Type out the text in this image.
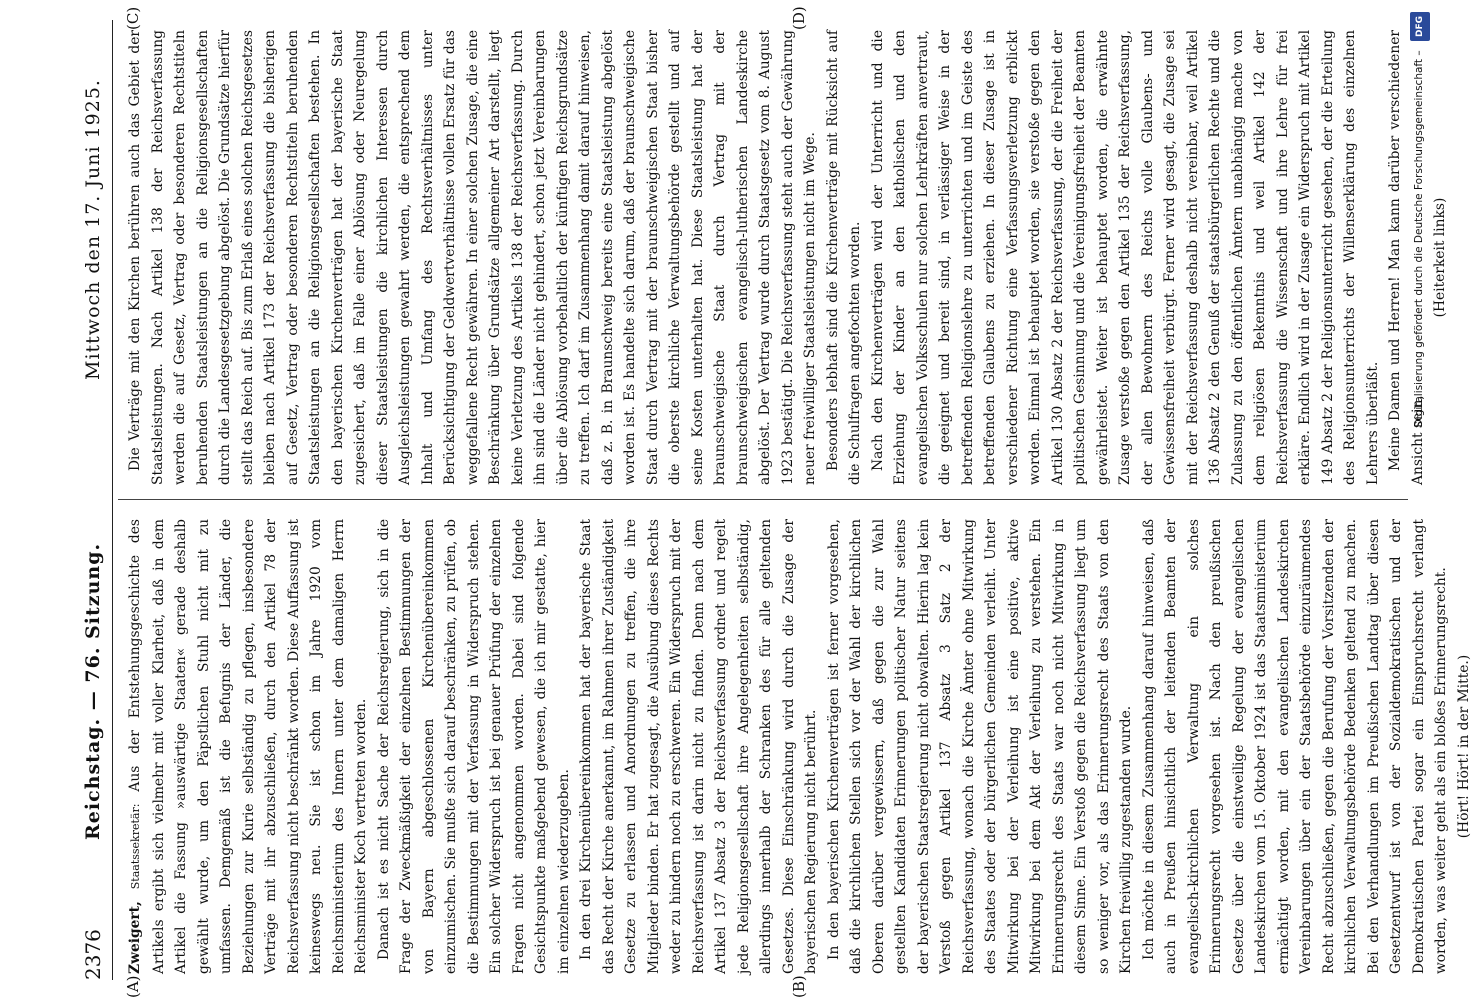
2376
Reichstag. — 76. Sitzung.
Mittwoch den 17. Juni 1925.
(A)	(B)
(C)	(D)

Zweigert, Staatssekretär: Aus der Entstehungsgeschichte des Artikels ergibt sich vielmehr mit voller Klarheit, daß in dem Artikel die Fassung »auswärtige Staaten« gerade deshalb gewählt wurde, um den Päpstlichen Stuhl nicht mit zu umfassen. Demgemäß ist die Befugnis der Länder, die Beziehungen zur Kurie selbständig zu pflegen, insbesondere Verträge mit ihr abzuschließen, durch den Artikel 78 der Reichsverfassung nicht beschränkt worden. Diese Auffassung ist keineswegs neu. Sie ist schon im Jahre 1920 vom Reichsministerium des Innern unter dem damaligen Herrn Reichsminister Koch vertreten worden. Danach ist es nicht Sache der Reichsregierung, sich in die Frage der Zweckmäßigkeit der einzelnen Bestimmungen der von Bayern abgeschlossenen Kirchenübereinkommen einzumischen. Sie mußte sich darauf beschränken, zu prüfen, ob die Bestimmungen mit der Verfassung in Widerspruch stehen. Ein solcher Widerspruch ist bei genauer Prüfung der einzelnen Fragen nicht angenommen worden. Dabei sind folgende Gesichtspunkte maßgebend gewesen, die ich mir gestatte, hier im einzelnen wiederzugeben. In den drei Kirchenübereinkommen hat der bayerische Staat das Recht der Kirche anerkannt, im Rahmen ihrer Zuständigkeit Gesetze zu erlassen und Anordnungen zu treffen, die ihre Mitglieder binden. Er hat zugesagt, die Ausübung dieses Rechts weder zu hindern noch zu erschweren. Ein Widerspruch mit der Reichsverfassung ist darin nicht zu finden. Denn nach dem Artikel 137 Absatz 3 der Reichsverfassung ordnet und regelt jede Religionsgesellschaft ihre Angelegenheiten selbständig, allerdings innerhalb der Schranken des für alle geltenden Gesetzes. Diese Einschränkung wird durch die Zusage der bayerischen Regierung nicht berührt. In den bayerischen Kirchenverträgen ist ferner vorgesehen, daß die kirchlichen Stellen sich vor der Wahl der kirchlichen Oberen darüber vergewissern, daß gegen die zur Wahl gestellten Kandidaten Erinnerungen politischer Natur seitens der bayerischen Staatsregierung nicht obwalten. Hierin lag kein Verstoß gegen Artikel 137 Absatz 3 Satz 2 der Reichsverfassung, wonach die Kirche Ämter ohne Mitwirkung des Staates oder der bürgerlichen Gemeinden verleiht. Unter Mitwirkung bei der Verleihung ist eine positive, aktive Mitwirkung bei dem Akt der Verleihung zu verstehen. Ein Erinnerungsrecht des Staats war noch nicht Mitwirkung in diesem Sinne. Ein Verstoß gegen die Reichsverfassung liegt um so weniger vor, als das Erinnerungsrecht des Staats von den Kirchen freiwillig zugestanden wurde. Ich möchte in diesem Zusammenhang darauf hinweisen, daß auch in Preußen hinsichtlich der leitenden Beamten der evangelisch-kirchlichen Verwaltung ein solches Erinnerungsrecht vorgesehen ist. Nach den preußischen Gesetze über die einstweilige Regelung der evangelischen Landeskirchen vom 15. Oktober 1924 ist das Staatsministerium ermächtigt worden, mit den evangelischen Landeskirchen Vereinbarungen über ein der Staatsbehörde einzuräumendes Recht abzuschließen, gegen die Berufung der Vorsitzenden der kirchlichen Verwaltungsbehörde Bedenken geltend zu machen. Bei den Verhandlungen im Preußischen Landtag über diesen Gesetzentwurf ist von der Sozialdemokratischen und der Demokratischen Partei sogar ein Einspruchsrecht verlangt worden, was weiter geht als ein bloßes Erinnerungsrecht. (Hört! Hört! in der Mitte.)

Die Verträge mit den Kirchen berühren auch das Gebiet der Staatsleistungen. Nach Artikel 138 der Reichsverfassung werden die auf Gesetz, Vertrag oder besonderen Rechtstiteln beruhenden Staatsleistungen an die Religionsgesellschaften durch die Landesgesetzgebung abgelöst. Die Grundsätze hierfür stellt das Reich auf. Bis zum Erlaß eines solchen Reichsgesetzes bleiben nach Artikel 173 der Reichsverfassung die bisherigen auf Gesetz, Vertrag oder besonderen Rechtstiteln beruhenden Staatsleistungen an die Religionsgesellschaften bestehen. In den bayerischen Kirchenverträgen hat der bayerische Staat zugesichert, daß im Falle einer Ablösung oder Neuregelung dieser Staatsleistungen die kirchlichen Interessen durch Ausgleichsleistungen gewahrt werden, die entsprechend dem Inhalt und Umfang des Rechtsverhältnisses unter Berücksichtigung der Geldwertverhältnisse vollen Ersatz für das weggefallene Recht gewähren. In einer solchen Zusage, die eine Beschränkung über Grundsätze allgemeiner Art darstellt, liegt keine Verletzung des Artikels 138 der Reichsverfassung. Durch ihn sind die Länder nicht gehindert, schon jetzt Vereinbarungen über die Ablösung vorbehaltlich der künftigen Reichsgrundsätze zu treffen. Ich darf im Zusammenhang damit darauf hinweisen, daß z. B. in Braunschweig bereits eine Staatsleistung abgelöst worden ist. Es handelte sich darum, daß der braunschweigische Staat durch Vertrag mit der braunschweigischen Staat bisher die oberste kirchliche Verwaltungsbehörde gestellt und auf seine Kosten unterhalten hat. Diese Staatsleistung hat der braunschweigische Staat durch Vertrag mit der braunschweigischen evangelisch-lutherischen Landeskirche abgelöst. Der Vertrag wurde durch Staatsgesetz vom 8. August 1923 bestätigt. Die Reichsverfassung steht auch der Gewährung neuer freiwilliger Staatsleistungen nicht im Wege. Besonders lebhaft sind die Kirchenverträge mit Rücksicht auf die Schulfragen angefochten worden. Nach den Kirchenverträgen wird der Unterricht und die Erziehung der Kinder an den katholischen und den evangelischen Volksschulen nur solchen Lehrkräften anvertraut, die geeignet und bereit sind, in verlässiger Weise in der betreffenden Religionslehre zu unterrichten und im Geiste des betreffenden Glaubens zu erziehen. In dieser Zusage ist in verschiedener Richtung eine Verfassungsverletzung erblickt worden. Einmal ist behauptet worden, sie verstoße gegen den Artikel 130 Absatz 2 der Reichsverfassung, der die Freiheit der politischen Gesinnung und die Vereinigungsfreiheit der Beamten gewährleistet. Weiter ist behauptet worden, die erwähnte Zusage verstoße gegen den Artikel 135 der Reichsverfassung, der allen Bewohnern des Reichs volle Glaubens- und Gewissensfreiheit verbürgt. Ferner wird gesagt, die Zusage sei mit der Reichsverfassung deshalb nicht vereinbar, weil Artikel 136 Absatz 2 den Genuß der staatsbürgerlichen Rechte und die Zulassung zu den öffentlichen Ämtern unabhängig mache von dem religiösen Bekenntnis und weil Artikel 142 der Reichsverfassung die Wissenschaft und ihre Lehre für frei erkläre. Endlich wird in der Zusage ein Widerspruch mit Artikel 149 Absatz 2 der Religionsunterricht gesehen, der die Erteilung des Religionsunterrichts der Willenserklärung des einzelnen Lehrers überläßt. Meine Damen und Herren! Man kann darüber verschiedener Ansicht sein,

(Heiterkeit links)

Digitalisierung gefördert durch die Deutsche Forschungsgemeinschaft – DFG
